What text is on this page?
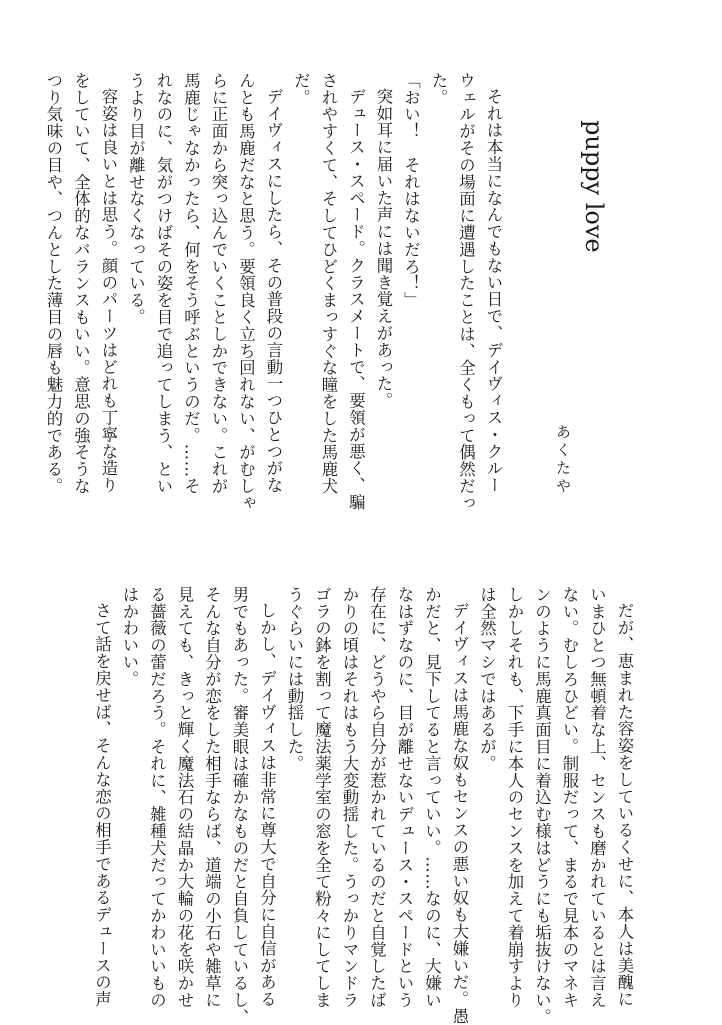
puppy love
あくたや
それは本当になんでもない日で、デイヴィス・クルー
ウェルがその場面に遭遇したことは、全くもって偶然だっ
た。
「おい！　それはないだろ！」
突如耳に届いた声には聞き覚えがあった。
デュース・スペード。クラスメートで、要領が悪く、騙
されやすくて、そしてひどくまっすぐな瞳をした馬鹿犬
だ。
デイヴィスにしたら、その普段の言動一つひとつがな
んとも馬鹿だなと思う。要領良く立ち回れない、がむしゃ
らに正面から突っ込んでいくことしかできない。これが
馬鹿じゃなかったら、何をそう呼ぶというのだ。……そ
れなのに、気がつけばその姿を目で追ってしまう、とい
うより目が離せなくなっている。
容姿は良いとは思う。顔のパーツはどれも丁寧な造り
をしていて、全体的なバランスもいい。意思の強そうな
つり気味の目や、つんとした薄目の唇も魅力的である。
だが、恵まれた容姿をしているくせに、本人は美醜に
いまひとつ無頓着な上、センスも磨かれているとは言え
ない。むしろひどい。制服だって、まるで見本のマネキ
ンのように馬鹿真面目に着込む様はどうにも垢抜けない。
しかしそれも、下手に本人のセンスを加えて着崩すより
は全然マシではあるが。
デイヴィスは馬鹿な奴もセンスの悪い奴も大嫌いだ。愚
かだと、見下してると言っていい。……なのに、大嫌い
なはずなのに、目が離せないデュース・スペードという
存在に、どうやら自分が惹かれているのだと自覚したば
かりの頃はそれはもう大変動揺した。うっかりマンドラ
ゴラの鉢を割って魔法薬学室の窓を全て粉々にしてしま
うぐらいには動揺した。
しかし、デイヴィスは非常に尊大で自分に自信がある
男でもあった。審美眼は確かなものだと自負しているし、
そんな自分が恋をした相手ならば、道端の小石や雑草に
見えても、きっと輝く魔法石の結晶か大輪の花を咲かせ
る薔薇の蕾だろう。それに、雑種犬だってかわいいもの
はかわいい。
さて話を戻せば、そんな恋の相手であるデュースの声
